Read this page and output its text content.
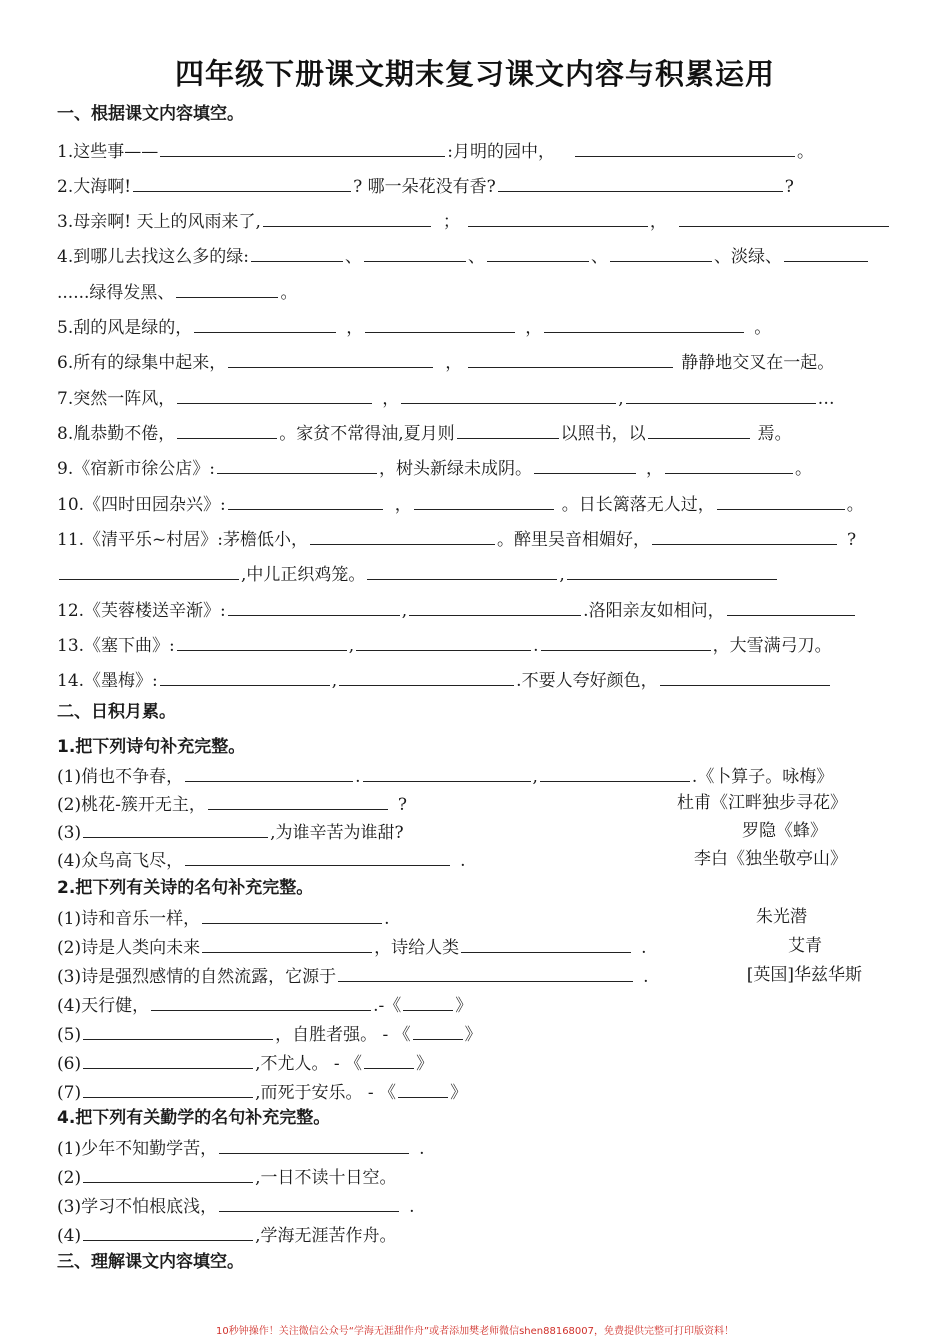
四年级下册课文期末复习课文内容与积累运用
一、根据课文内容填空。
1.这些事——	:月明的园中，	。
2.大海啊!	? 哪一朵花没有香?	?
3.母亲啊! 天上的风雨来了,	；	，
4.到哪儿去找这么多的绿:	、	、	、	、淡绿、
......绿得发黑、	。
5.刮的风是绿的，	，	，	。
6.所有的绿集中起来，	，	静静地交叉在一起。
7.突然一阵风，	，	,	…
8.胤恭勤不倦，	。家贫不常得油,夏月则	以照书，以	焉。
9.《宿新市徐公店》:	，树头新绿未成阴。	，	。
10.《四时田园杂兴》:	，	。日长篱落无人过，	。
11.《清平乐~村居》:茅檐低小，	。醉里吴音相媚好，	?
,中儿正织鸡笼。	,
12.《芙蓉楼送辛渐》:	,	.洛阳亲友如相问，
13.《塞下曲》:	,	.	，大雪满弓刀。
14.《墨梅》:	,	.不要人夸好颜色，
二、日积月累。
1.把下列诗句补充完整。
(1)俏也不争春，	.	,	.《卜算子。咏梅》
(2)桃花-簇开无主，	?	杜甫《江畔独步寻花》
(3)	,为谁辛苦为谁甜?	罗隐《蜂》
(4)众鸟高飞尽，	.	李白《独坐敬亭山》
2.把下列有关诗的名句补充完整。
(1)诗和音乐一样，	.	朱光潜
(2)诗是人类向未来	，诗给人类	.	艾青
(3)诗是强烈感情的自然流露，它源于	.	[英国]华兹华斯
(4)天行健，	.-《	》
(5)	，自胜者强。 - 《	》
(6)	,不尤人。 - 《	》
(7)	,而死于安乐。 - 《	》
4.把下列有关勤学的名句补充完整。
(1)少年不知勤学苦，	.
(2)	,一日不读十日空。
(3)学习不怕根底浅，	.
(4)	,学海无涯苦作舟。
三、理解课文内容填空。
10秒钟操作！关注微信公众号“学海无涯甜作舟”或者添加樊老师微信shen88168007，免费提供完整可打印版资料！
